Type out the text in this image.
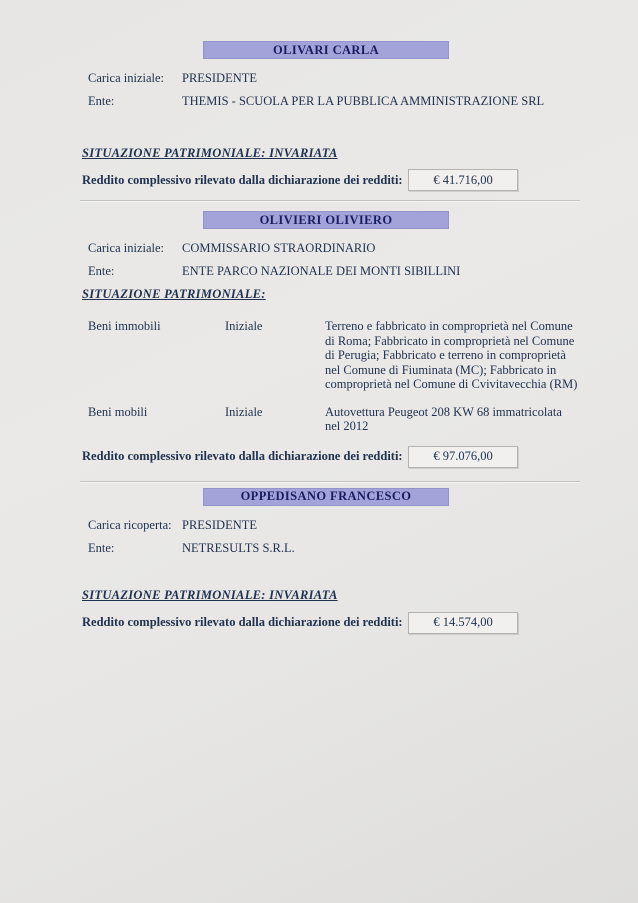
OLIVARI CARLA
Carica iniziale:	PRESIDENTE
Ente:	THEMIS - SCUOLA PER LA PUBBLICA AMMINISTRAZIONE SRL
SITUAZIONE PATRIMONIALE: INVARIATA
Reddito complessivo rilevato dalla dichiarazione dei redditi:	€ 41.716,00
OLIVIERI OLIVIERO
Carica iniziale:	COMMISSARIO STRAORDINARIO
Ente:	ENTE PARCO NAZIONALE DEI MONTI SIBILLINI
SITUAZIONE PATRIMONIALE:
Beni immobili	Iniziale	Terreno e fabbricato in comproprietà nel Comune di Roma; Fabbricato in comproprietà nel Comune di Perugia; Fabbricato e terreno in comproprietà nel Comune di Fiuminata (MC); Fabbricato in comproprietà nel Comune di Cvivitavecchia (RM)
Beni mobili	Iniziale	Autovettura Peugeot 208 KW 68 immatricolata nel 2012
Reddito complessivo rilevato dalla dichiarazione dei redditi:	€ 97.076,00
OPPEDISANO FRANCESCO
Carica ricoperta: PRESIDENTE
Ente:	NETRESULTS S.R.L.
SITUAZIONE PATRIMONIALE: INVARIATA
Reddito complessivo rilevato dalla dichiarazione dei redditi:	€ 14.574,00
